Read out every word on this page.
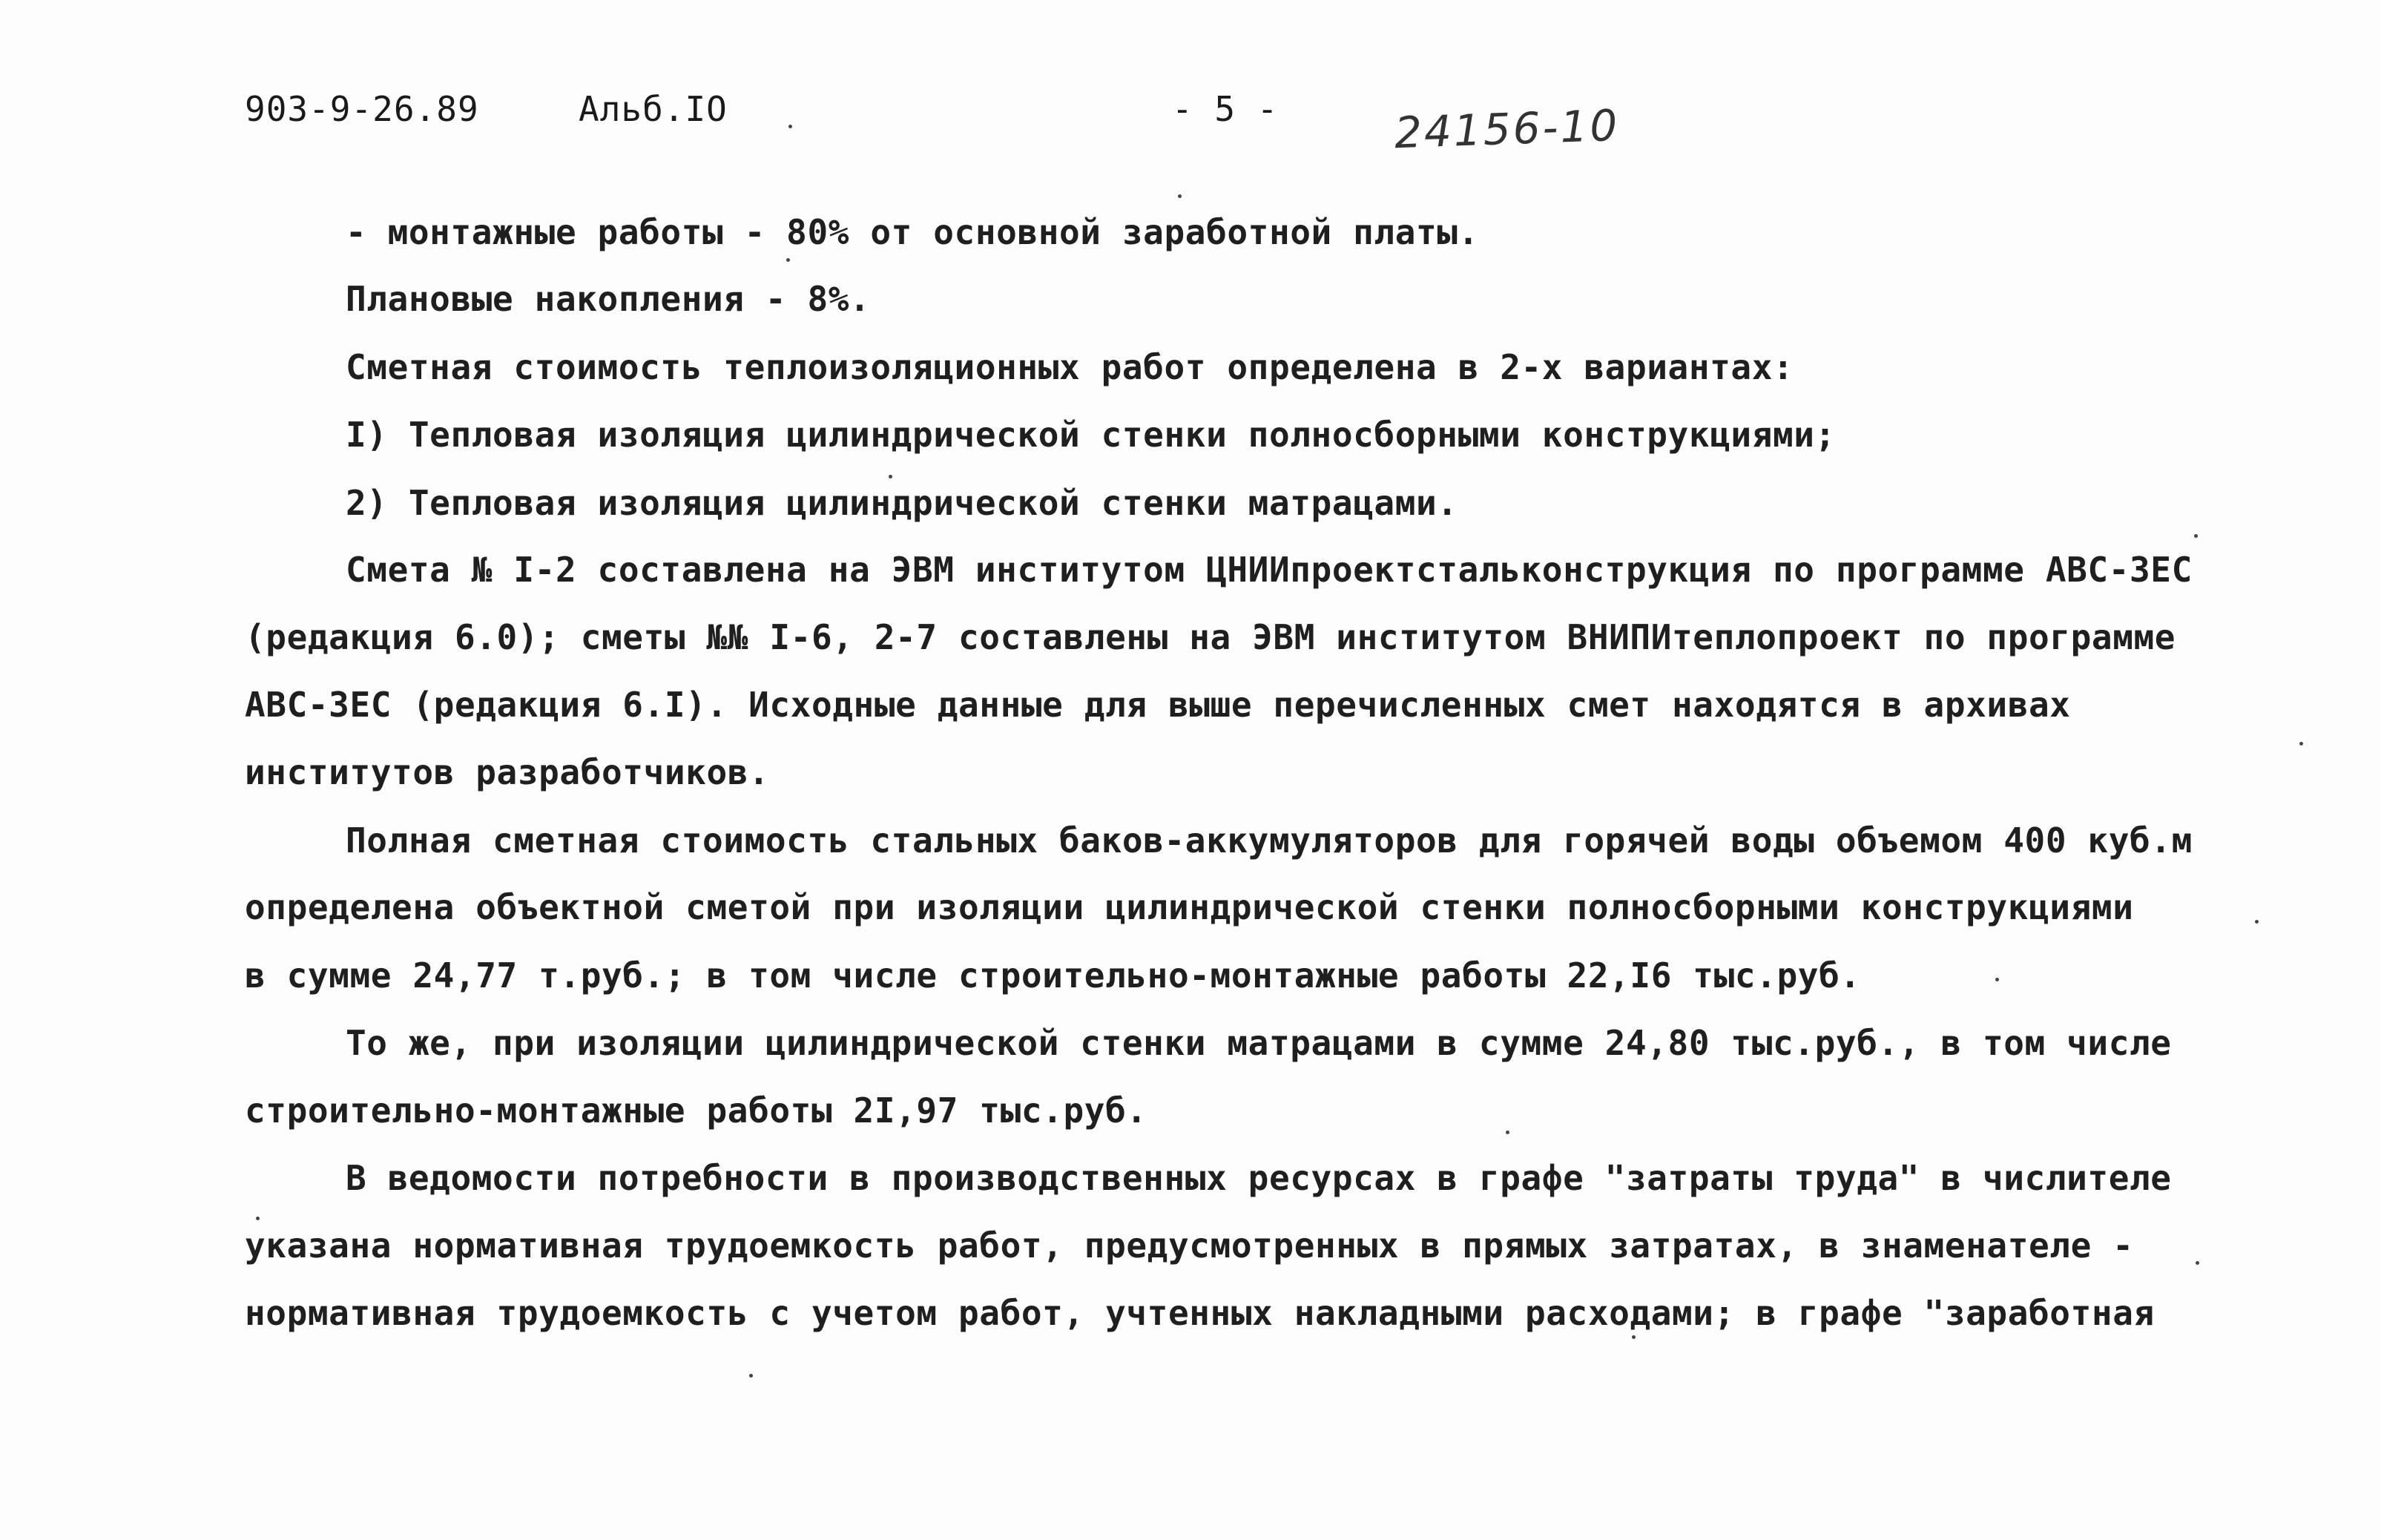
903-9-26.89	Альб.IO	- 5 -	24156-10
- монтажные работы - 80% от основной заработной платы.
Плановые накопления - 8%.
Сметная стоимость теплоизоляционных работ определена в 2-х вариантах:
I) Тепловая изоляция цилиндрической стенки полносборными конструкциями;
2) Тепловая изоляция цилиндрической стенки матрацами.
Смета № I-2 составлена на ЭВМ институтом ЦНИИпроектстальконструкция по программе АВС-3ЕС
(редакция 6.0); сметы №№ I-6, 2-7 составлены на ЭВМ институтом ВНИПИтеплопроект по программе
АВС-3ЕС (редакция 6.I). Исходные данные для выше перечисленных смет находятся в архивах
институтов разработчиков.
Полная сметная стоимость стальных баков-аккумуляторов для горячей воды объемом 400 куб.м
определена объектной сметой при изоляции цилиндрической стенки полносборными конструкциями
в сумме 24,77 т.руб.; в том числе строительно-монтажные работы 22,I6 тыс.руб.
То же, при изоляции цилиндрической стенки матрацами в сумме 24,80 тыс.руб., в том числе
строительно-монтажные работы 2I,97 тыс.руб.
В ведомости потребности в производственных ресурсах в графе "затраты труда" в числителе
указана нормативная трудоемкость работ, предусмотренных в прямых затратах, в знаменателе -
нормативная трудоемкость с учетом работ, учтенных накладными расходами; в графе "заработная
